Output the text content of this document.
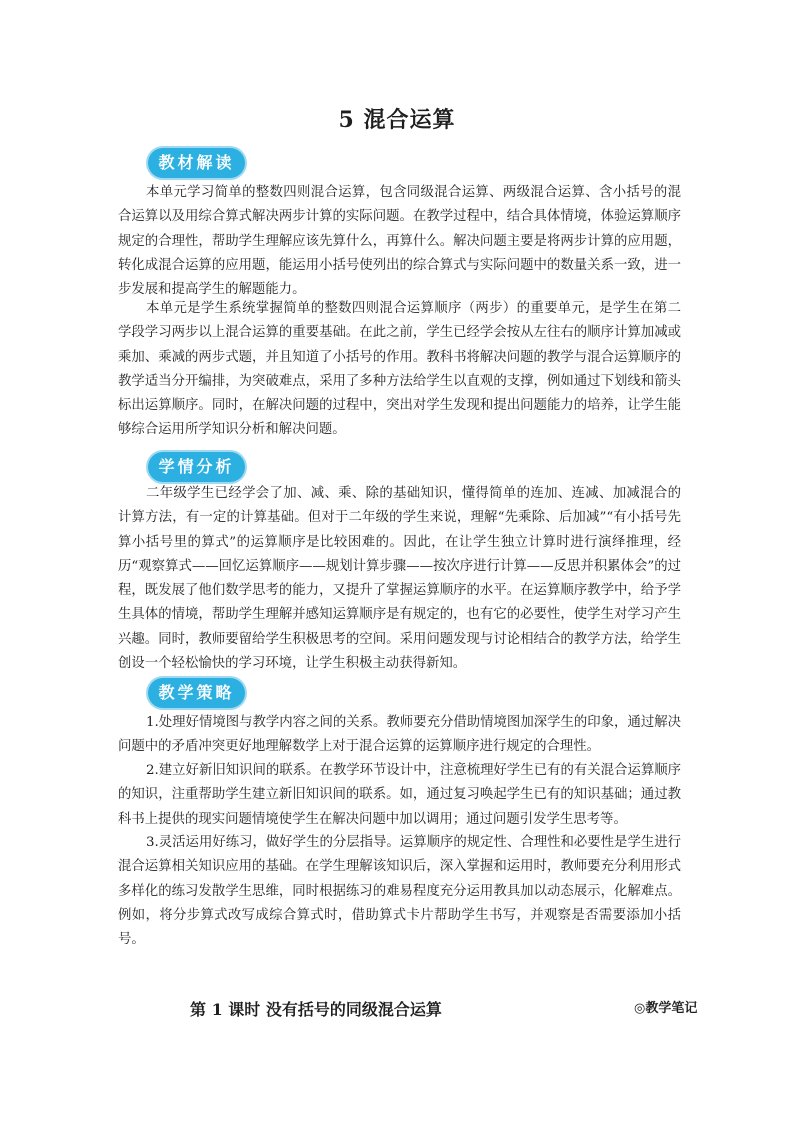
5 混合运算
教材解读

本单元学习简单的整数四则混合运算，包含同级混合运算、两级混合运算、含小括号的混合运算以及用综合算式解决两步计算的实际问题。在教学过程中，结合具体情境，体验运算顺序规定的合理性，帮助学生理解应该先算什么，再算什么。解决问题主要是将两步计算的应用题，转化成混合运算的应用题，能运用小括号使列出的综合算式与实际问题中的数量关系一致，进一步发展和提高学生的解题能力。

本单元是学生系统掌握简单的整数四则混合运算顺序（两步）的重要单元，是学生在第二学段学习两步以上混合运算的重要基础。在此之前，学生已经学会按从左往右的顺序计算加减或乘加、乘减的两步式题，并且知道了小括号的作用。教科书将解决问题的教学与混合运算顺序的教学适当分开编排，为突破难点，采用了多种方法给学生以直观的支撑，例如通过下划线和箭头标出运算顺序。同时，在解决问题的过程中，突出对学生发现和提出问题能力的培养，让学生能够综合运用所学知识分析和解决问题。

学情分析

二年级学生已经学会了加、减、乘、除的基础知识，懂得简单的连加、连减、加减混合的计算方法，有一定的计算基础。但对于二年级的学生来说，理解“先乘除、后加减”“有小括号先算小括号里的算式”的运算顺序是比较困难的。因此，在让学生独立计算时进行演绎推理，经历“观察算式——回忆运算顺序——规划计算步骤——按次序进行计算——反思并积累体会”的过程，既发展了他们数学思考的能力，又提升了掌握运算顺序的水平。在运算顺序教学中，给予学生具体的情境，帮助学生理解并感知运算顺序是有规定的，也有它的必要性，使学生对学习产生兴趣。同时，教师要留给学生积极思考的空间。采用问题发现与讨论相结合的教学方法，给学生创设一个轻松愉快的学习环境，让学生积极主动获得新知。

教学策略

1.处理好情境图与教学内容之间的关系。教师要充分借助情境图加深学生的印象，通过解决问题中的矛盾冲突更好地理解数学上对于混合运算的运算顺序进行规定的合理性。

2.建立好新旧知识间的联系。在教学环节设计中，注意梳理好学生已有的有关混合运算顺序的知识，注重帮助学生建立新旧知识间的联系。如，通过复习唤起学生已有的知识基础；通过教科书上提供的现实问题情境使学生在解决问题中加以调用；通过问题引发学生思考等。

3.灵活运用好练习，做好学生的分层指导。运算顺序的规定性、合理性和必要性是学生进行混合运算相关知识应用的基础。在学生理解该知识后，深入掌握和运用时，教师要充分利用形式多样化的练习发散学生思维，同时根据练习的难易程度充分运用教具加以动态展示，化解难点。例如，将分步算式改写成综合算式时，借助算式卡片帮助学生书写，并观察是否需要添加小括号。

第 1 课时 没有括号的同级混合运算	◎教学笔记
